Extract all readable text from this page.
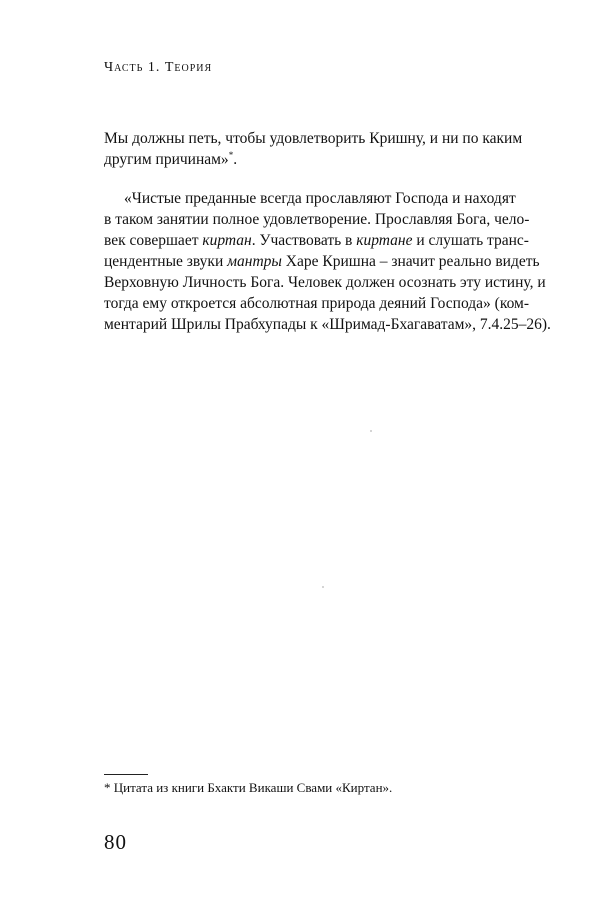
Часть 1. Теория
Мы должны петь, чтобы удовлетворить Кришну, и ни по каким
другим причинам»*.
«Чистые преданные всегда прославляют Господа и находят
в таком занятии полное удовлетворение. Прославляя Бога, чело-
век совершает киртан. Участвовать в киртане и слушать транс-
цендентные звуки мантры Харе Кришна – значит реально видеть
Верховную Личность Бога. Человек должен осознать эту истину, и
тогда ему откроется абсолютная природа деяний Господа» (ком-
ментарий Шрилы Прабхупады к «Шримад-Бхагаватам», 7.4.25–26).
* Цитата из книги Бхакти Викаши Свами «Киртан».
80
